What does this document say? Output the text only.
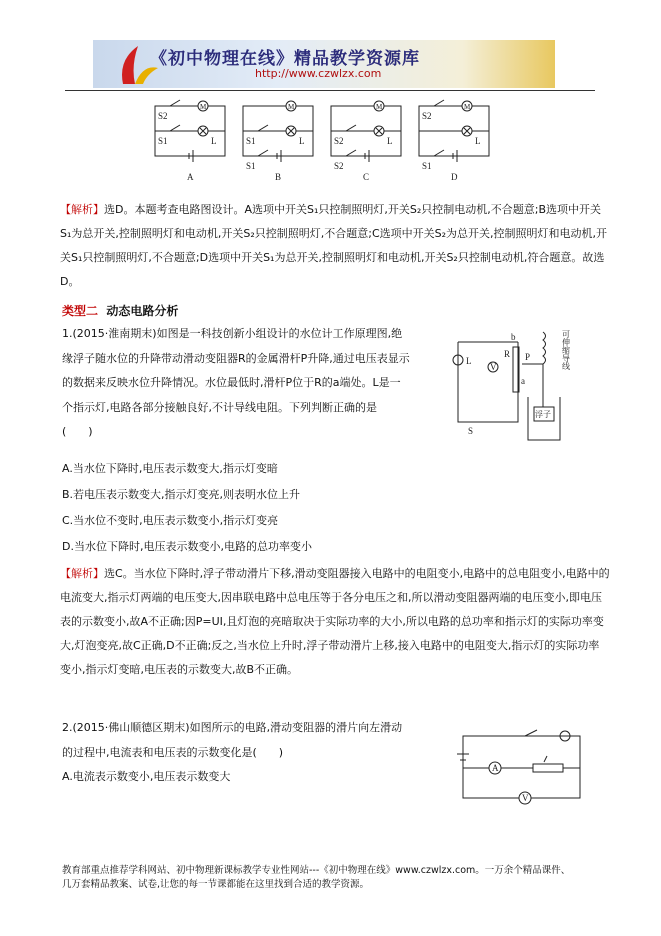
《初中物理在线》精品教学资源库
http://www.czwlzx.com
M
S2
S1	L
A
M
S1
S1
L
B
M
S2
S2
L
C
M
S2
S1
L
D
【解析】选D。本题考查电路图设计。A选项中开关S₁只控制照明灯,开关S₂只控制电动机,不合题意;B选项中开关S₁为总开关,控制照明灯和电动机,开关S₂只控制照明灯,不合题意;C选项中开关S₂为总开关,控制照明灯和电动机,开关S₁只控制照明灯,不合题意;D选项中开关S₁为总开关,控制照明灯和电动机,开关S₂只控制电动机,符合题意。故选D。
类型二 动态电路分析
1.(2015·淮南期末)如图是一科技创新小组设计的水位计工作原理图,绝
缘浮子随水位的升降带动滑动变阻器R的金属滑杆P升降,通过电压表显示
的数据来反映水位升降情况。水位最低时,滑杆P位于R的a端处。L是一
个指示灯,电路各部分接触良好,不计导线电阻。下列判断正确的是
(　　)
A.当水位下降时,电压表示数变大,指示灯变暗
B.若电压表示数变大,指示灯变亮,则表明水位上升
C.当水位不变时,电压表示数变小,指示灯变亮
D.当水位下降时,电压表示数变小,电路的总功率变小
L
V
R
b
a
P
浮子
可伸缩导线
S
【解析】选C。当水位下降时,浮子带动滑片下移,滑动变阻器接入电路中的电阻变小,电路中的总电阻变小,电路中的电流变大,指示灯两端的电压变大,因串联电路中总电压等于各分电压之和,所以滑动变阻器两端的电压变小,即电压表的示数变小,故A不正确;因P=UI,且灯泡的亮暗取决于实际功率的大小,所以电路的总功率和指示灯的实际功率变大,灯泡变亮,故C正确,D不正确;反之,当水位上升时,浮子带动滑片上移,接入电路中的电阻变大,指示灯的实际功率变小,指示灯变暗,电压表的示数变大,故B不正确。
2.(2015·佛山顺德区期末)如图所示的电路,滑动变阻器的滑片向左滑动
的过程中,电流表和电压表的示数变化是(　　)
A.电流表示数变小,电压表示数变大
A
V
教育部重点推荐学科网站、初中物理新课标教学专业性网站---《初中物理在线》www.czwlzx.com。一万余个精品课件、
几万套精品教案、试卷,让您的每一节课都能在这里找到合适的教学资源。
